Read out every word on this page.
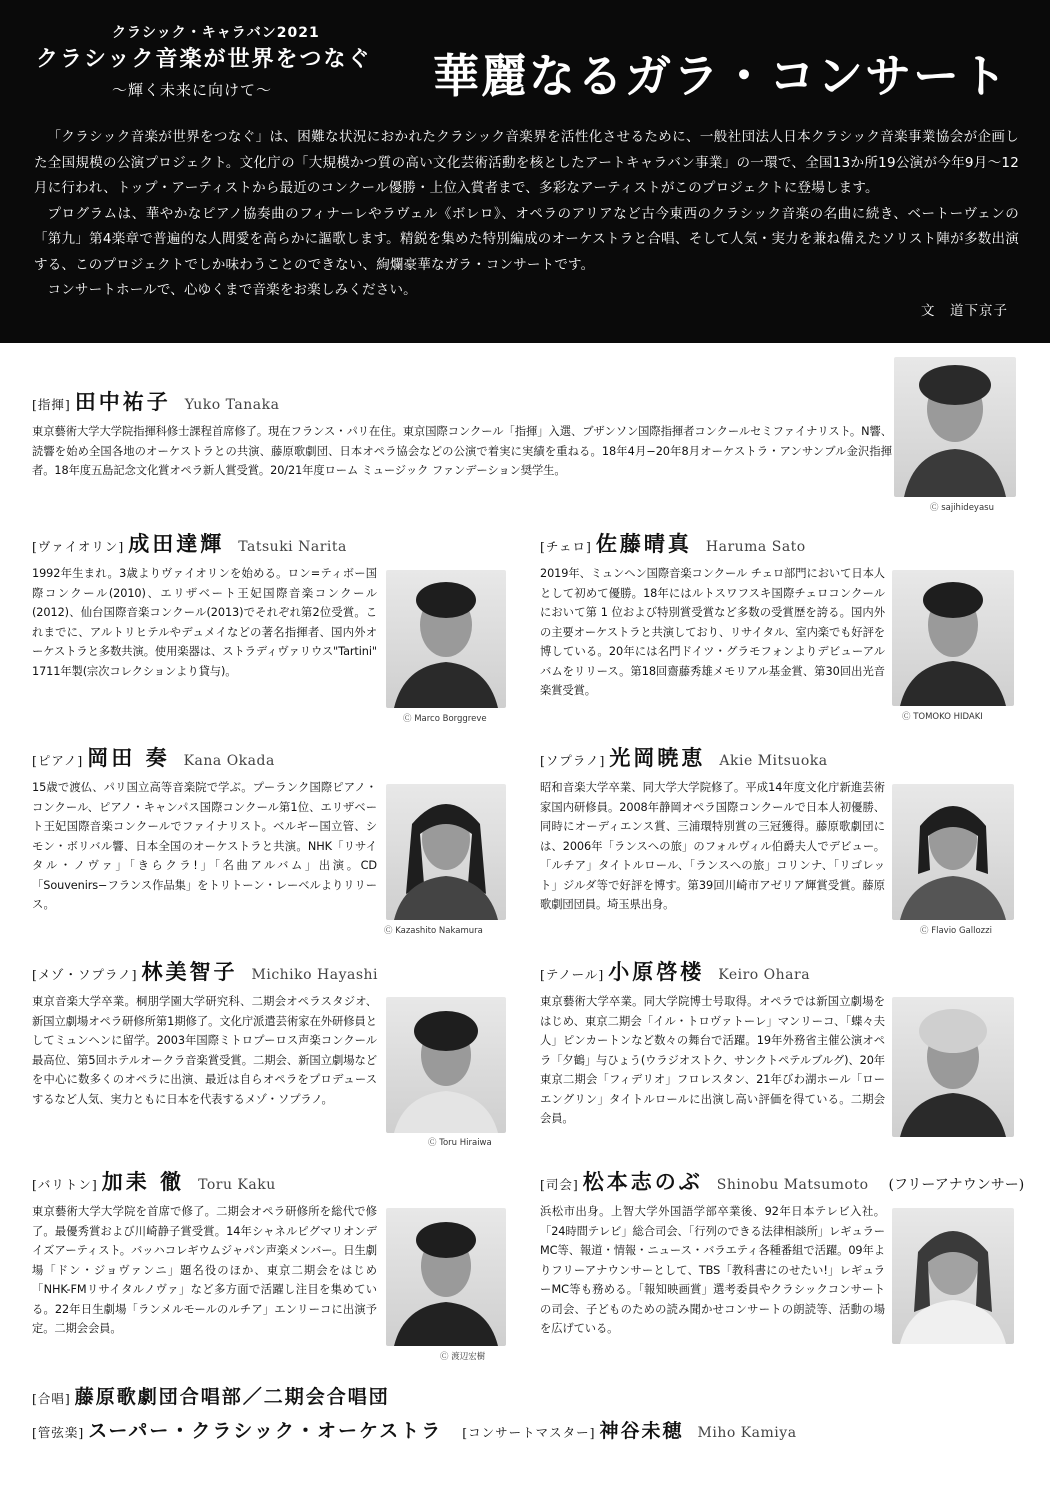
クラシック・キャラバン2021
クラシック音楽が世界をつなぐ
～輝く未来に向けて～	華麗なるガラ・コンサート

「クラシック音楽が世界をつなぐ」は、困難な状況におかれたクラシック音楽界を活性化させるために、一般社団法人日本クラシック音楽事業協会が企画した全国規模の公演プロジェクト。文化庁の「大規模かつ質の高い文化芸術活動を核としたアートキャラバン事業」の一環で、全国13か所19公演が今年9月～12月に行われ、トップ・アーティストから最近のコンクール優勝・上位入賞者まで、多彩なアーティストがこのプロジェクトに登場します。

プログラムは、華やかなピアノ協奏曲のフィナーレやラヴェル《ボレロ》、オペラのアリアなど古今東西のクラシック音楽の名曲に続き、ベートーヴェンの「第九」第4楽章で普遍的な人間愛を高らかに謳歌します。精鋭を集めた特別編成のオーケストラと合唱、そして人気・実力を兼ね備えたソリスト陣が多数出演する、このプロジェクトでしか味わうことのできない、絢爛豪華なガラ・コンサートです。

コンサートホールで、心ゆくまで音楽をお楽しみください。

文　道下京子
[指揮] 田中祐子 Yuko Tanaka
東京藝術大学大学院指揮科修士課程首席修了。現在フランス・パリ在住。東京国際コンクール「指揮」入選、ブザンソン国際指揮者コンクールセミファイナリスト。N響、読響を始め全国各地のオーケストラとの共演、藤原歌劇団、日本オペラ協会などの公演で着実に実績を重ねる。18年4月−20年8月オーケストラ・アンサンブル金沢指揮者。18年度五島記念文化賞オペラ新人賞受賞。20/21年度ローム ミュージック ファンデーション奨学生。
Ⓒ sajihideyasu
[ヴァイオリン] 成田達輝 Tatsuki Narita
1992年生まれ。3歳よりヴァイオリンを始める。ロン=ティボー国際コンクール(2010)、エリザベート王妃国際音楽コンクール(2012)、仙台国際音楽コンクール(2013)でそれぞれ第2位受賞。これまでに、アルトリヒテルやデュメイなどの著名指揮者、国内外オーケストラと多数共演。使用楽器は、ストラディヴァリウス"Tartini" 1711年製(宗次コレクションより貸与)。
Ⓒ Marco Borggreve
[チェロ] 佐藤晴真 Haruma Sato
2019年、ミュンヘン国際音楽コンクール チェロ部門において日本人として初めて優勝。18年にはルトスワフスキ国際チェロコンクールにおいて第 1 位および特別賞受賞など多数の受賞歴を誇る。国内外の主要オーケストラと共演しており、リサイタル、室内楽でも好評を博している。20年には名門ドイツ・グラモフォンよりデビューアルバムをリリース。第18回齋藤秀雄メモリアル基金賞、第30回出光音楽賞受賞。
Ⓒ TOMOKO HIDAKI
[ピアノ] 岡田 奏 Kana Okada
15歳で渡仏、パリ国立高等音楽院で学ぶ。プーランク国際ピアノ・コンクール、ピアノ・キャンパス国際コンクール第1位、エリザベート王妃国際音楽コンクールでファイナリスト。ベルギー国立管、シモン・ボリバル響、日本全国のオーケストラと共演。NHK「リサイタル・ノヴァ」「きらクラ!」「名曲アルバム」出演。CD「Souvenirs−フランス作品集」をトリトーン・レーベルよりリリース。
Ⓒ Kazashito Nakamura
[ソプラノ] 光岡暁恵 Akie Mitsuoka
昭和音楽大学卒業、同大学大学院修了。平成14年度文化庁新進芸術家国内研修員。2008年静岡オペラ国際コンクールで日本人初優勝、同時にオーディエンス賞、三浦環特別賞の三冠獲得。藤原歌劇団には、2006年「ランスへの旅」のフォルヴィル伯爵夫人でデビュー。「ルチア」タイトルロール、「ランスへの旅」コリンナ、「リゴレット」ジルダ等で好評を博す。第39回川崎市アゼリア輝賞受賞。藤原歌劇団団員。埼玉県出身。
Ⓒ Flavio Gallozzi
[メゾ・ソプラノ] 林美智子 Michiko Hayashi
東京音楽大学卒業。桐朋学園大学研究科、二期会オペラスタジオ、新国立劇場オペラ研修所第1期修了。文化庁派遣芸術家在外研修員としてミュンヘンに留学。2003年国際ミトロプーロス声楽コンクール最高位、第5回ホテルオークラ音楽賞受賞。二期会、新国立劇場などを中心に数多くのオペラに出演、最近は自らオペラをプロデュースするなど人気、実力ともに日本を代表するメゾ・ソプラノ。
Ⓒ Toru Hiraiwa
[テノール] 小原啓楼 Keiro Ohara
東京藝術大学卒業。同大学院博士号取得。オペラでは新国立劇場をはじめ、東京二期会「イル・トロヴァトーレ」マンリーコ、「蝶々夫人」ピンカートンなど数々の舞台で活躍。19年外務省主催公演オペラ「夕鶴」与ひょう(ウラジオストク、サンクトペテルブルグ)、20年東京二期会「フィデリオ」フロレスタン、21年びわ湖ホール「ローエングリン」タイトルロールに出演し高い評価を得ている。二期会会員。
[バリトン] 加耒 徹 Toru Kaku
東京藝術大学大学院を首席で修了。二期会オペラ研修所を総代で修了。最優秀賞および川崎静子賞受賞。14年シャネルピグマリオンデイズアーティスト。バッハコレギウムジャパン声楽メンバー。日生劇場「ドン・ジョヴァンニ」題名役のほか、東京二期会をはじめ「NHK-FMリサイタルノヴァ」など多方面で活躍し注目を集めている。22年日生劇場「ランメルモールのルチア」エンリーコに出演予定。二期会会員。
Ⓒ 渡辺宏樹
[司会] 松本志のぶ Shinobu Matsumoto (フリーアナウンサー)
浜松市出身。上智大学外国語学部卒業後、92年日本テレビ入社。「24時間テレビ」総合司会、「行列のできる法律相談所」レギュラーMC等、報道・情報・ニュース・バラエティ各種番組で活躍。09年よりフリーアナウンサーとして、TBS「教科書にのせたい!」レギュラーMC等も務める。「報知映画賞」選考委員やクラシックコンサートの司会、子どものための読み聞かせコンサートの朗読等、活動の場を広げている。
[合唱] 藤原歌劇団合唱部／二期会合唱団
[管弦楽] スーパー・クラシック・オーケストラ [コンサートマスター] 神谷未穂 Miho Kamiya
